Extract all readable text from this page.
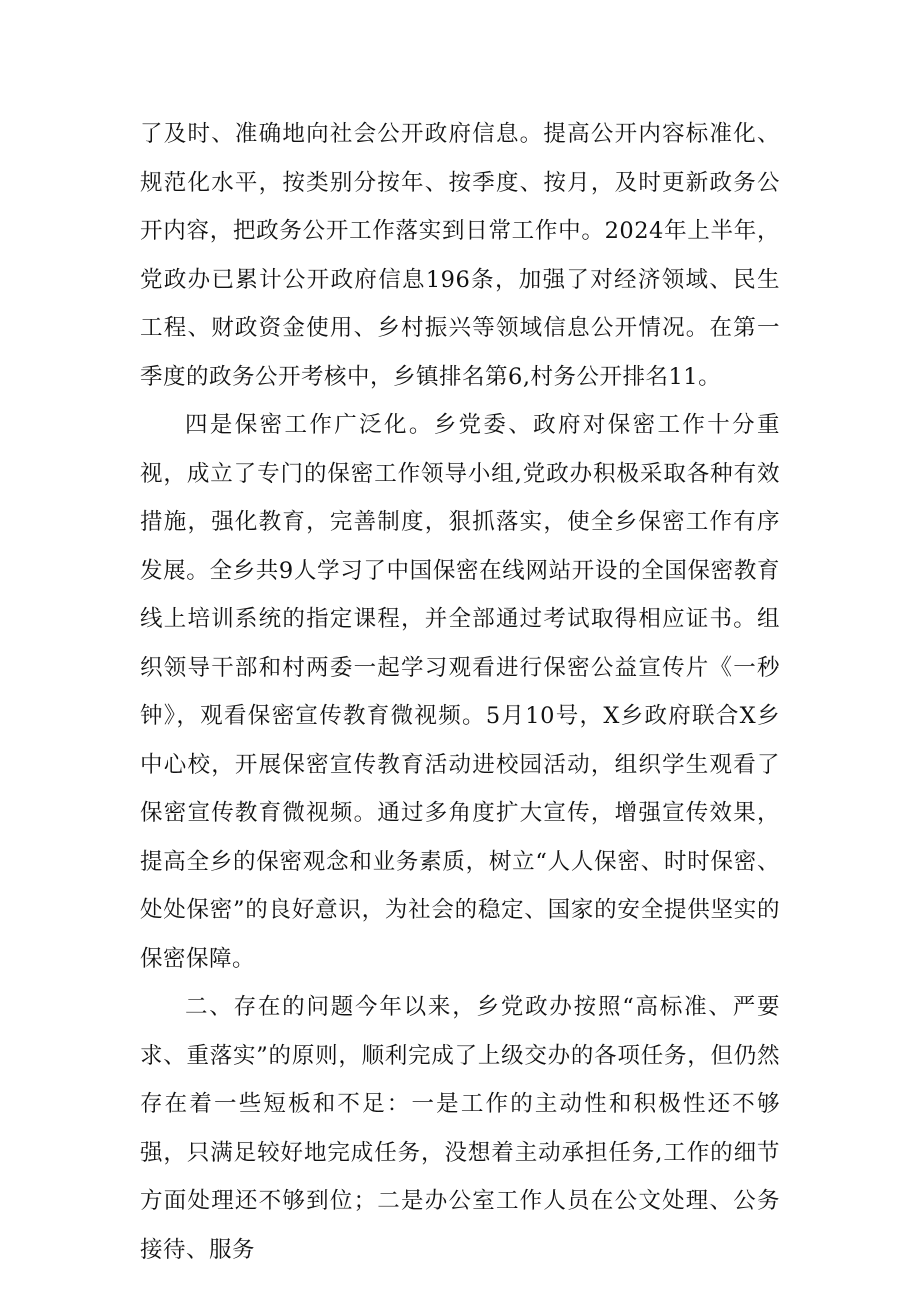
了及时、准确地向社会公开政府信息。提高公开内容标准化、规范化水平，按类别分按年、按季度、按月，及时更新政务公开内容，把政务公开工作落实到日常工作中。2024年上半年，党政办已累计公开政府信息196条，加强了对经济领域、民生工程、财政资金使用、乡村振兴等领域信息公开情况。在第一季度的政务公开考核中，乡镇排名第6,村务公开排名11。

四是保密工作广泛化。乡党委、政府对保密工作十分重视，成立了专门的保密工作领导小组,党政办积极采取各种有效措施，强化教育，完善制度，狠抓落实，使全乡保密工作有序发展。全乡共9人学习了中国保密在线网站开设的全国保密教育线上培训系统的指定课程，并全部通过考试取得相应证书。组织领导干部和村两委一起学习观看进行保密公益宣传片《一秒钟》，观看保密宣传教育微视频。5月10号，X乡政府联合X乡中心校，开展保密宣传教育活动进校园活动，组织学生观看了保密宣传教育微视频。通过多角度扩大宣传，增强宣传效果，提高全乡的保密观念和业务素质，树立“人人保密、时时保密、处处保密”的良好意识，为社会的稳定、国家的安全提供坚实的保密保障。

二、存在的问题今年以来，乡党政办按照“高标准、严要求、重落实”的原则，顺利完成了上级交办的各项任务，但仍然存在着一些短板和不足：一是工作的主动性和积极性还不够强，只满足较好地完成任务，没想着主动承担任务,工作的细节方面处理还不够到位；二是办公室工作人员在公文处理、公务接待、服务
